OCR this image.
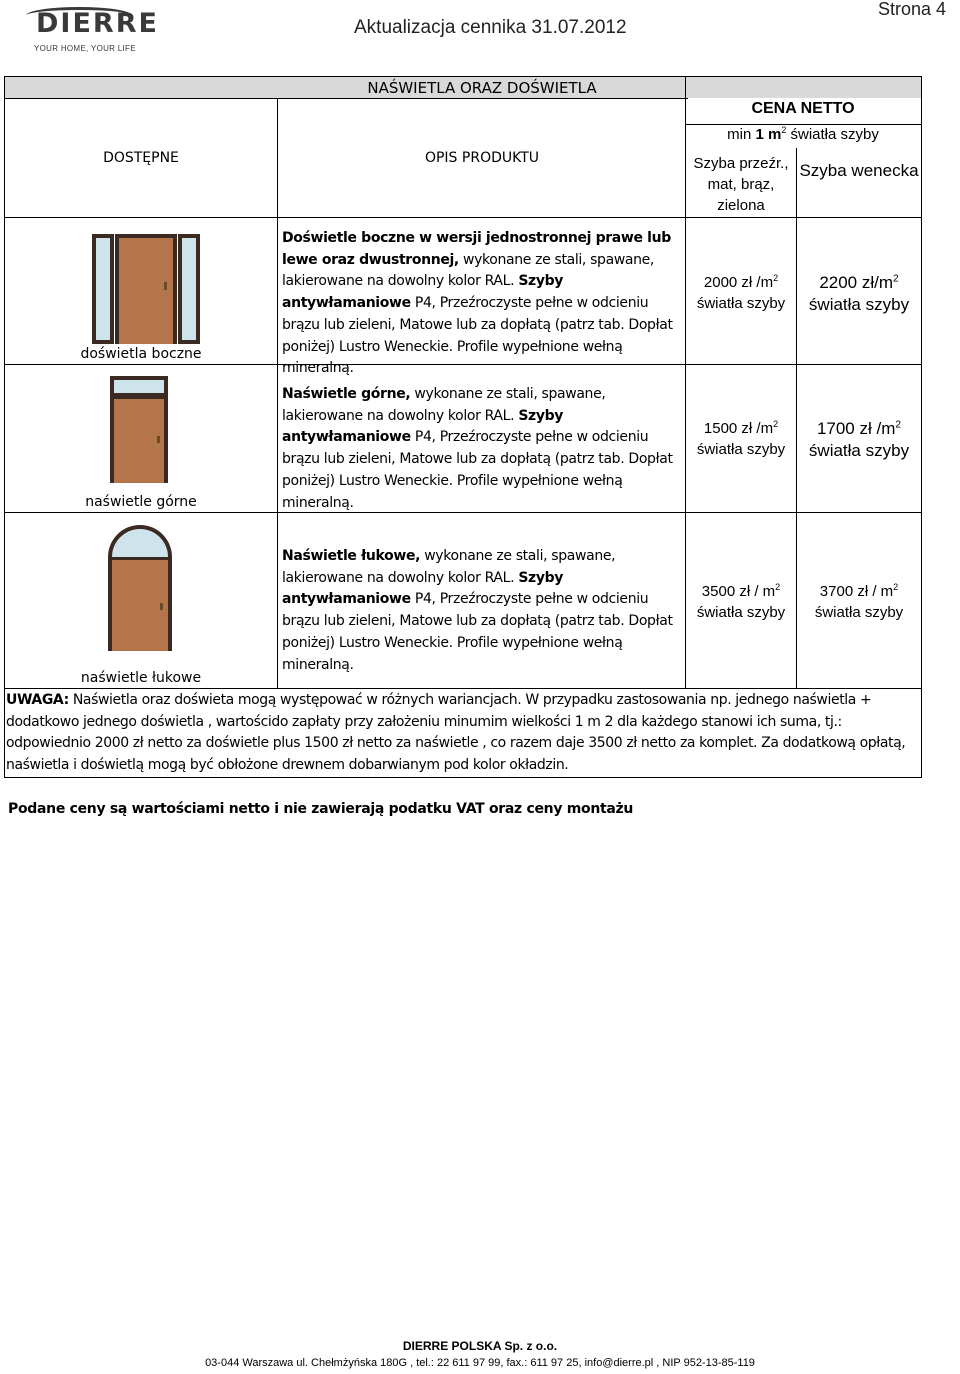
DIERRE
YOUR HOME, YOUR LIFE
Aktualizacja cennika 31.07.2012
Strona 4
NAŚWIETLA ORAZ DOŚWIETLA
DOSTĘPNE	OPIS PRODUKTU
CENA NETTO
min 1 $m^2$ światła szyby
Szyba przeźr., mat, brąz, zielona
Szyba wenecka
doświetla boczne
Doświetle boczne w wersji jednostronnej prawe lub lewe oraz dwustronnej, wykonane ze stali, spawane, lakierowane na dowolny kolor RAL. Szyby antywłamaniowe P4, Przeźroczyste pełne w odcieniu brązu lub zieleni, Matowe lub za dopłatą (patrz tab. Dopłat poniżej) Lustro Weneckie. Profile wypełnione wełną mineralną.
2000 zł $/m^2$
światła szyby
2200 $zł/m^2$
światła szyby
naświetle górne
Naświetle górne, wykonane ze stali, spawane, lakierowane na dowolny kolor RAL. Szyby antywłamaniowe P4, Przeźroczyste pełne w odcieniu brązu lub zieleni, Matowe lub za dopłatą (patrz tab. Dopłat poniżej) Lustro Weneckie. Profile wypełnione wełną mineralną.
1500 zł $/m^2$
światła szyby
1700 zł $/m^2$
światła szyby
naświetle łukowe
Naświetle łukowe, wykonane ze stali, spawane, lakierowane na dowolny kolor RAL. Szyby antywłamaniowe P4, Przeźroczyste pełne w odcieniu brązu lub zieleni, Matowe lub za dopłatą (patrz tab. Dopłat poniżej) Lustro Weneckie. Profile wypełnione wełną mineralną.
3500 zł / $m^2$
światła szyby
3700 zł / $m^2$
światła szyby
UWAGA: Naświetla oraz doświeta mogą występować w różnych wariancjach. W przypadku zastosowania np. jednego naświetla + dodatkowo jednego doświetla , wartoścido zapłaty przy założeniu minumim wielkości 1 m 2 dla każdego stanowi ich suma, tj.: odpowiednio 2000 zł netto za doświetle plus 1500 zł netto za naświetle , co razem daje 3500 zł netto za komplet. Za dodatkową opłatą, naświetla i doświetlą mogą być obłożone drewnem dobarwianym pod kolor okładzin.
Podane ceny są wartościami netto i nie zawierają podatku VAT oraz ceny montażu
DIERRE POLSKA Sp. z o.o.
03-044 Warszawa ul. Chełmżyńska 180G , tel.: 22 611 97 99, fax.: 611 97 25, info@dierre.pl , NIP 952-13-85-119
